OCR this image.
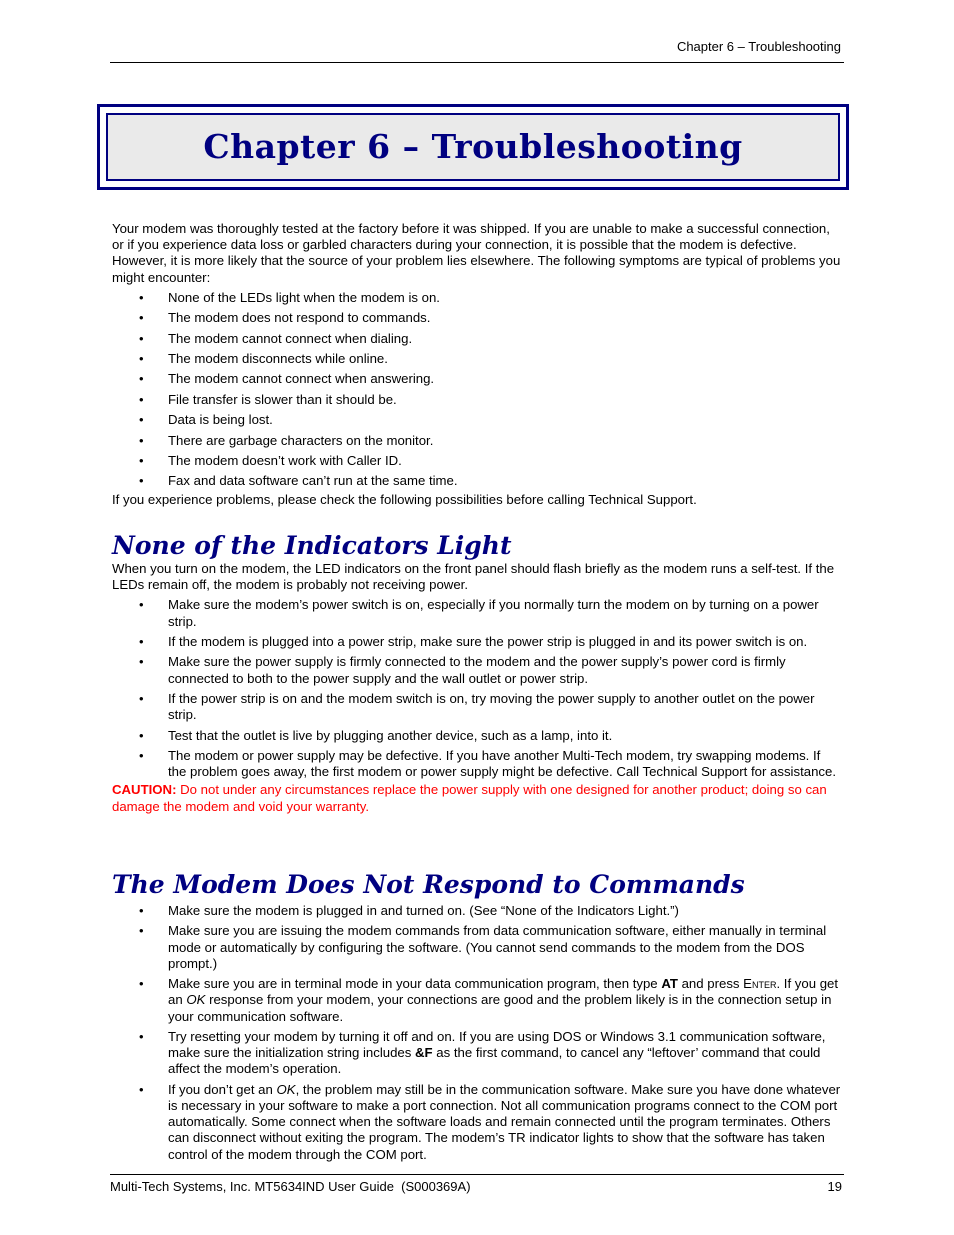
Chapter 6 – Troubleshooting
Chapter 6 – Troubleshooting

Your modem was thoroughly tested at the factory before it was shipped. If you are unable to make a successful connection, or if you experience data loss or garbled characters during your connection, it is possible that the modem is defective. However, it is more likely that the source of your problem lies elsewhere. The following symptoms are typical of problems you might encounter:

• None of the LEDs light when the modem is on.
• The modem does not respond to commands.
• The modem cannot connect when dialing.
• The modem disconnects while online.
• The modem cannot connect when answering.
• File transfer is slower than it should be.
• Data is being lost.
• There are garbage characters on the monitor.
• The modem doesn’t work with Caller ID.
• Fax and data software can’t run at the same time.

If you experience problems, please check the following possibilities before calling Technical Support.

None of the Indicators Light

When you turn on the modem, the LED indicators on the front panel should flash briefly as the modem runs a self-test. If the LEDs remain off, the modem is probably not receiving power.

• Make sure the modem’s power switch is on, especially if you normally turn the modem on by turning on a power strip.
• If the modem is plugged into a power strip, make sure the power strip is plugged in and its power switch is on.
• Make sure the power supply is firmly connected to the modem and the power supply’s power cord is firmly connected to both to the power supply and the wall outlet or power strip.
• If the power strip is on and the modem switch is on, try moving the power supply to another outlet on the power strip.
• Test that the outlet is live by plugging another device, such as a lamp, into it.
• The modem or power supply may be defective. If you have another Multi-Tech modem, try swapping modems. If the problem goes away, the first modem or power supply might be defective. Call Technical Support for assistance.

CAUTION: Do not under any circumstances replace the power supply with one designed for another product; doing so can damage the modem and void your warranty.

The Modem Does Not Respond to Commands
• Make sure the modem is plugged in and turned on. (See “None of the Indicators Light.”)
• Make sure you are issuing the modem commands from data communication software, either manually in terminal mode or automatically by configuring the software. (You cannot send commands to the modem from the DOS prompt.)
• Make sure you are in terminal mode in your data communication program, then type AT and press Enter. If you get an OK response from your modem, your connections are good and the problem likely is in the connection setup in your communication software.
• Try resetting your modem by turning it off and on. If you are using DOS or Windows 3.1 communication software, make sure the initialization string includes &F as the first command, to cancel any “leftover’ command that could affect the modem’s operation.
• If you don’t get an OK, the problem may still be in the communication software. Make sure you have done whatever is necessary in your software to make a port connection. Not all communication programs connect to the COM port automatically. Some connect when the software loads and remain connected until the program terminates. Others can disconnect without exiting the program. The modem’s TR indicator lights to show that the software has taken control of the modem through the COM port.
Multi-Tech Systems, Inc. MT5634IND User Guide  (S000369A)	19
